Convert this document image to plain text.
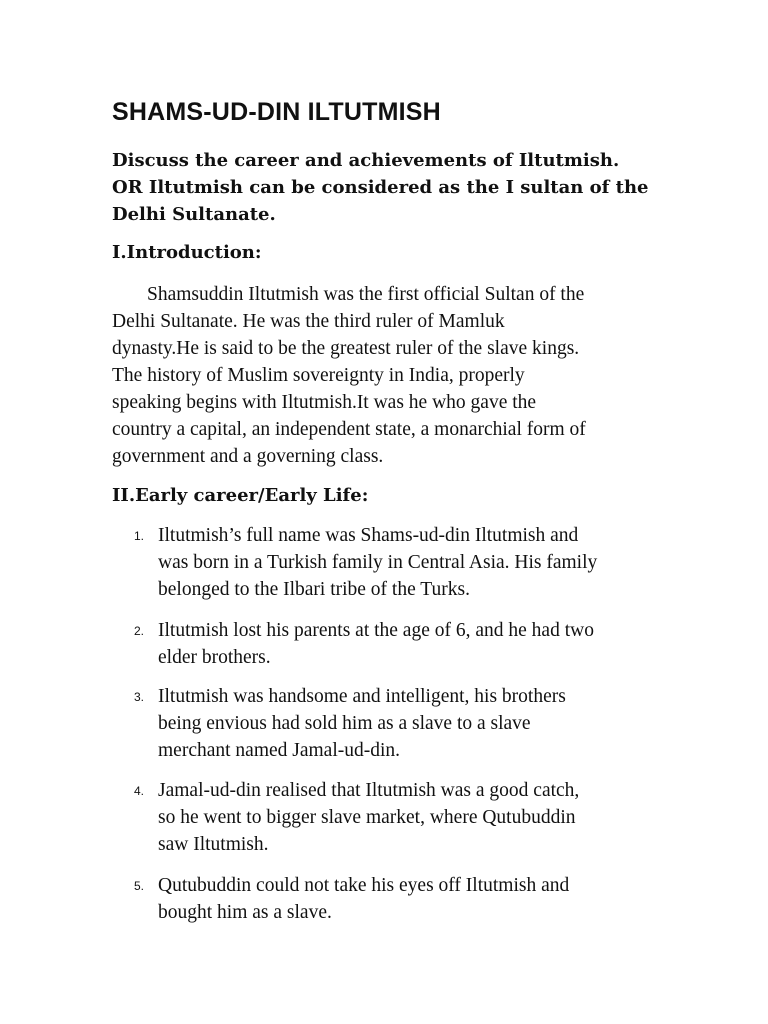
SHAMS-UD-DIN ILTUTMISH

Discuss the career and achievements of Iltutmish.
OR Iltutmish can be considered as the I sultan of the
Delhi Sultanate.

I.Introduction:

Shamsuddin Iltutmish was the first official Sultan of the
Delhi Sultanate. He was the third ruler of Mamluk
dynasty.He is said to be the greatest ruler of the slave kings.
The history of Muslim sovereignty in India, properly
speaking begins with Iltutmish.It was he who gave the
country a capital, an independent state, a monarchial form of
government and a governing class.

II.Early career/Early Life:
1. Iltutmish’s full name was Shams-ud-din Iltutmish and
was born in a Turkish family in Central Asia. His family
belonged to the Ilbari tribe of the Turks.
2. Iltutmish lost his parents at the age of 6, and he had two
elder brothers.
3. Iltutmish was handsome and intelligent, his brothers
being envious had sold him as a slave to a slave
merchant named Jamal-ud-din.
4. Jamal-ud-din realised that Iltutmish was a good catch,
so he went to bigger slave market, where Qutubuddin
saw Iltutmish.
5. Qutubuddin could not take his eyes off Iltutmish and
bought him as a slave.
